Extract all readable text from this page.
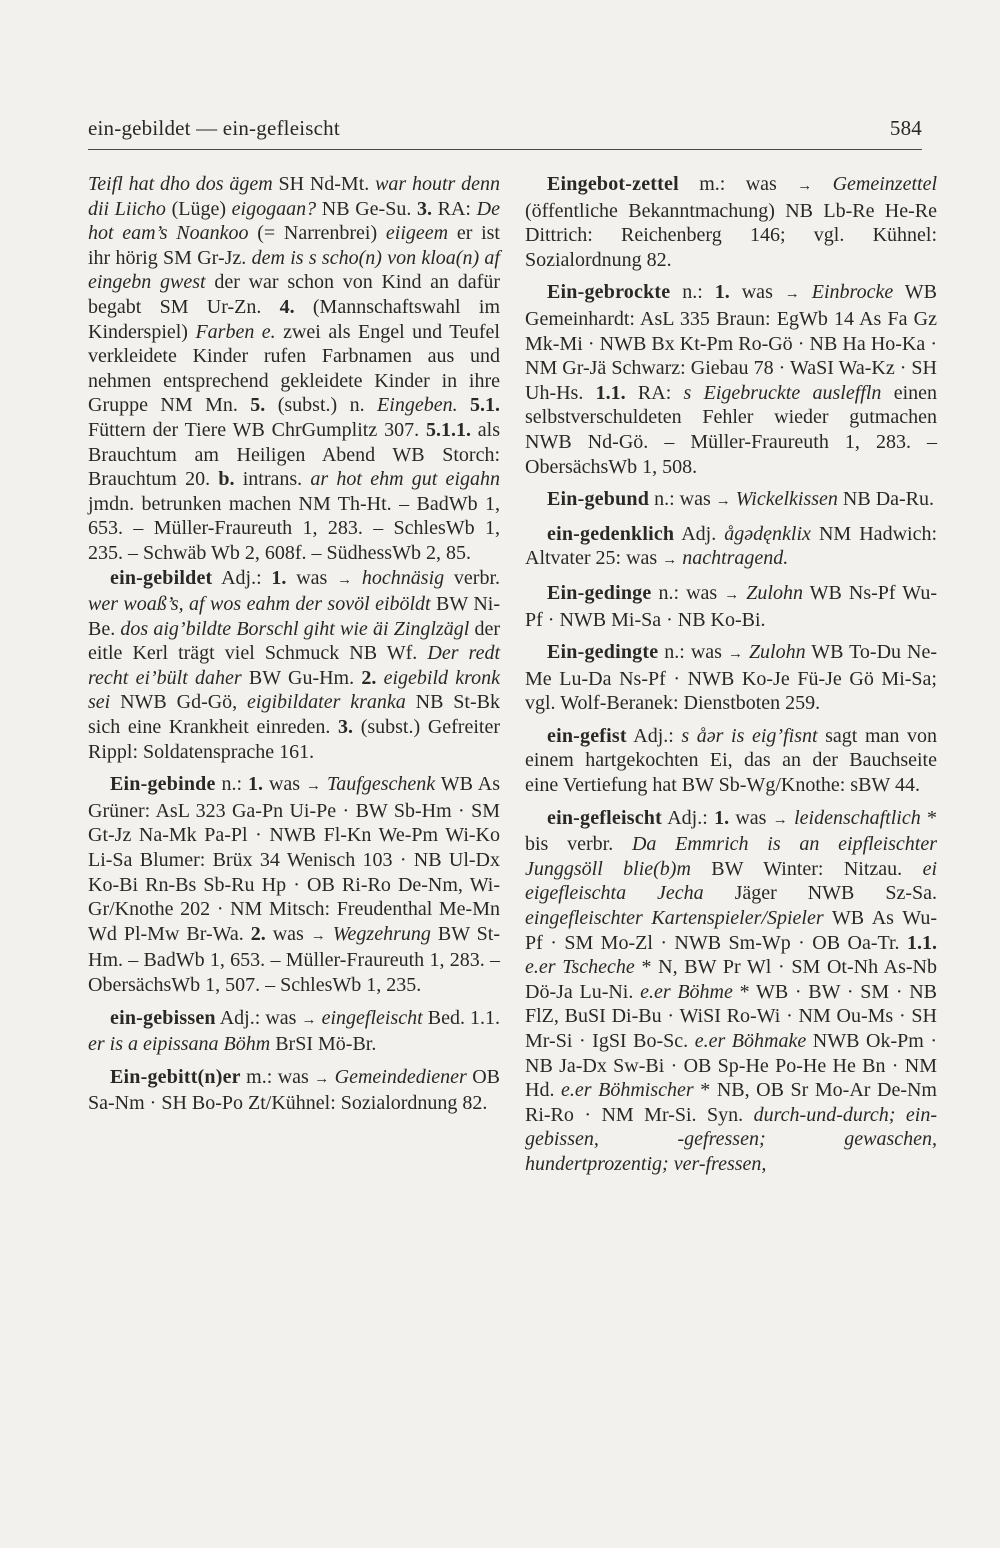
ein-gebildet — ein-gefleischt	584

Teifl hat dho dos ägem SH Nd-Mt. war houtr denn dii Liicho (Lüge) eigogaan? NB Ge-Su. 3. RA: De hot eam’s Noankoo (= Narrenbrei) eiigeem er ist ihr hörig SM Gr-Jz. dem is s scho(n) von kloa(n) af eingebn gwest der war schon von Kind an dafür begabt SM Ur-Zn. 4. (Mannschaftswahl im Kinderspiel) Farben e. zwei als Engel und Teufel verkleidete Kinder rufen Farbnamen aus und nehmen entsprechend gekleidete Kinder in ihre Gruppe NM Mn. 5. (subst.) n. Eingeben. 5.1. Füttern der Tiere WB ChrGumplitz 307. 5.1.1. als Brauchtum am Heiligen Abend WB Storch: Brauchtum 20. b. intrans. ar hot ehm gut eigahn jmdn. betrunken machen NM Th-Ht. – BadWb 1, 653. – Müller-Fraureuth 1, 283. – SchlesWb 1, 235. – Schwäb Wb 2, 608f. – SüdhessWb 2, 85.

ein-gebildet Adj.: 1. was → hochnäsig verbr. wer woaß’s, af wos eahm der sovöl eiböldt BW Ni-Be. dos aig’bildte Borschl giht wie äi Zinglzägl der eitle Kerl trägt viel Schmuck NB Wf. Der redt recht ei’bült daher BW Gu-Hm. 2. eigebild kronk sei NWB Gd-Gö, eigibildater kranka NB St-Bk sich eine Krankheit einreden. 3. (subst.) Gefreiter Rippl: Soldatensprache 161.

Ein-gebinde n.: 1. was → Taufgeschenk WB As Grüner: AsL 323 Ga-Pn Ui-Pe · BW Sb-Hm · SM Gt-Jz Na-Mk Pa-Pl · NWB Fl-Kn We-Pm Wi-Ko Li-Sa Blumer: Brüx 34 Wenisch 103 · NB Ul-Dx Ko-Bi Rn-Bs Sb-Ru Hp · OB Ri-Ro De-Nm, Wi-Gr/Knothe 202 · NM Mitsch: Freudenthal Me-Mn Wd Pl-Mw Br-Wa. 2. was → Wegzehrung BW St-Hm. – BadWb 1, 653. – Müller-Fraureuth 1, 283. – ObersächsWb 1, 507. – SchlesWb 1, 235.

ein-gebissen Adj.: was → eingefleischt Bed. 1.1. er is a eipissana Böhm BrSI Mö-Br.

Ein-gebitt(n)er m.: was → Gemeindediener OB Sa-Nm · SH Bo-Po Zt/Kühnel: Sozialordnung 82.

Eingebot-zettel m.: was → Gemeinzettel (öffentliche Bekanntmachung) NB Lb-Re He-Re Dittrich: Reichenberg 146; vgl. Kühnel: Sozialordnung 82.

Ein-gebrockte n.: 1. was → Einbrocke WB Gemeinhardt: AsL 335 Braun: EgWb 14 As Fa Gz Mk-Mi · NWB Bx Kt-Pm Ro-Gö · NB Ha Ho-Ka · NM Gr-Jä Schwarz: Giebau 78 · WaSI Wa-Kz · SH Uh-Hs. 1.1. RA: s Eigebruckte ausleffln einen selbstverschuldeten Fehler wieder gutmachen NWB Nd-Gö. – Müller-Fraureuth 1, 283. – ObersächsWb 1, 508.

Ein-gebund n.: was → Wickelkissen NB Da-Ru.

ein-gedenklich Adj. ågədęnklix NM Hadwich: Altvater 25: was → nachtragend.

Ein-gedinge n.: was → Zulohn WB Ns-Pf Wu-Pf · NWB Mi-Sa · NB Ko-Bi.

Ein-gedingte n.: was → Zulohn WB To-Du Ne-Me Lu-Da Ns-Pf · NWB Ko-Je Fü-Je Gö Mi-Sa; vgl. Wolf-Beranek: Dienstboten 259.

ein-gefist Adj.: s åər is eig’fisnt sagt man von einem hartgekochten Ei, das an der Bauchseite eine Vertiefung hat BW Sb-Wg/Knothe: sBW 44.

ein-gefleischt Adj.: 1. was → leidenschaftlich * bis verbr. Da Emmrich is an eipfleischter Junggsöll blie(b)m BW Winter: Nitzau. ei eigefleischta Jecha Jäger NWB Sz-Sa. eingefleischter Kartenspieler/Spieler WB As Wu-Pf · SM Mo-Zl · NWB Sm-Wp · OB Oa-Tr. 1.1. e.er Tscheche * N, BW Pr Wl · SM Ot-Nh As-Nb Dö-Ja Lu-Ni. e.er Böhme * WB · BW · SM · NB FlZ, BuSI Di-Bu · WiSI Ro-Wi · NM Ou-Ms · SH Mr-Si · IgSI Bo-Sc. e.er Böhmake NWB Ok-Pm · NB Ja-Dx Sw-Bi · OB Sp-He Po-He He Bn · NM Hd. e.er Böhmischer * NB, OB Sr Mo-Ar De-Nm Ri-Ro · NM Mr-Si. Syn. durch-und-durch; ein-gebissen, -gefressen; gewaschen, hundertprozentig; ver-fressen,
